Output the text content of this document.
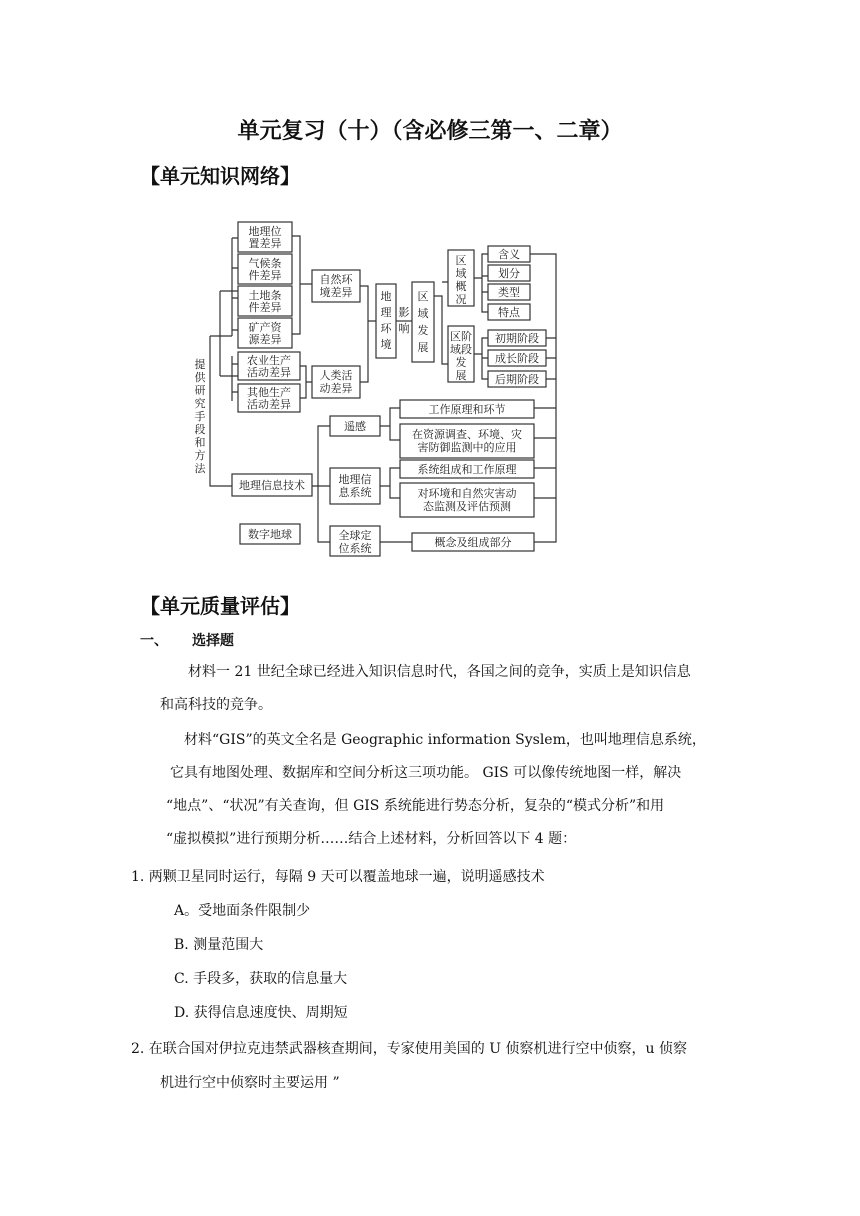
单元复习（十）（含必修三第一、二章）
【单元知识网络】
提
供
研
究
手
段
和
方
法
地理位
置差异
气候条
件差异
土地条
件差异
矿产资
源差异
农业生产
活动差异
其他生产
活动差异
自然环
境差异
人类活
动差异
地
理
环
境
影
响
区
域
发
展
区
域
概
况
区阶
域段
发
展
含义
划分
类型
特点
初期阶段
成长阶段
后期阶段
遥感
地理信
息系统
全球定
位系统
工作原理和环节
在资源调查、环境、灾
害防御监测中的应用
系统组成和工作原理
对环境和自然灾害动
态监测及评估预测
概念及组成部分
地理信息技术
数字地球
【单元质量评估】
一、 选择题
材料一 21 世纪全球已经进入知识信息时代，各国之间的竞争，实质上是知识信息
和高科技的竞争。
材料“GIS”的英文全名是 Geographic information Syslem，也叫地理信息系统，
它具有地图处理、数据库和空间分析这三项功能。 GIS 可以像传统地图一样，解决
“地点”、“状况”有关查询，但 GIS 系统能进行势态分析，复杂的“模式分析”和用
“虚拟模拟”进行预期分析……结合上述材料，分析回答以下 4 题：
1. 两颗卫星同时运行，每隔 9 天可以覆盖地球一遍，说明遥感技术
A。受地面条件限制少
B. 测量范围大
C. 手段多，获取的信息量大
D. 获得信息速度快、周期短
2. 在联合国对伊拉克违禁武器核查期间，专家使用美国的 U 侦察机进行空中侦察，u 侦察
机进行空中侦察时主要运用 ”
